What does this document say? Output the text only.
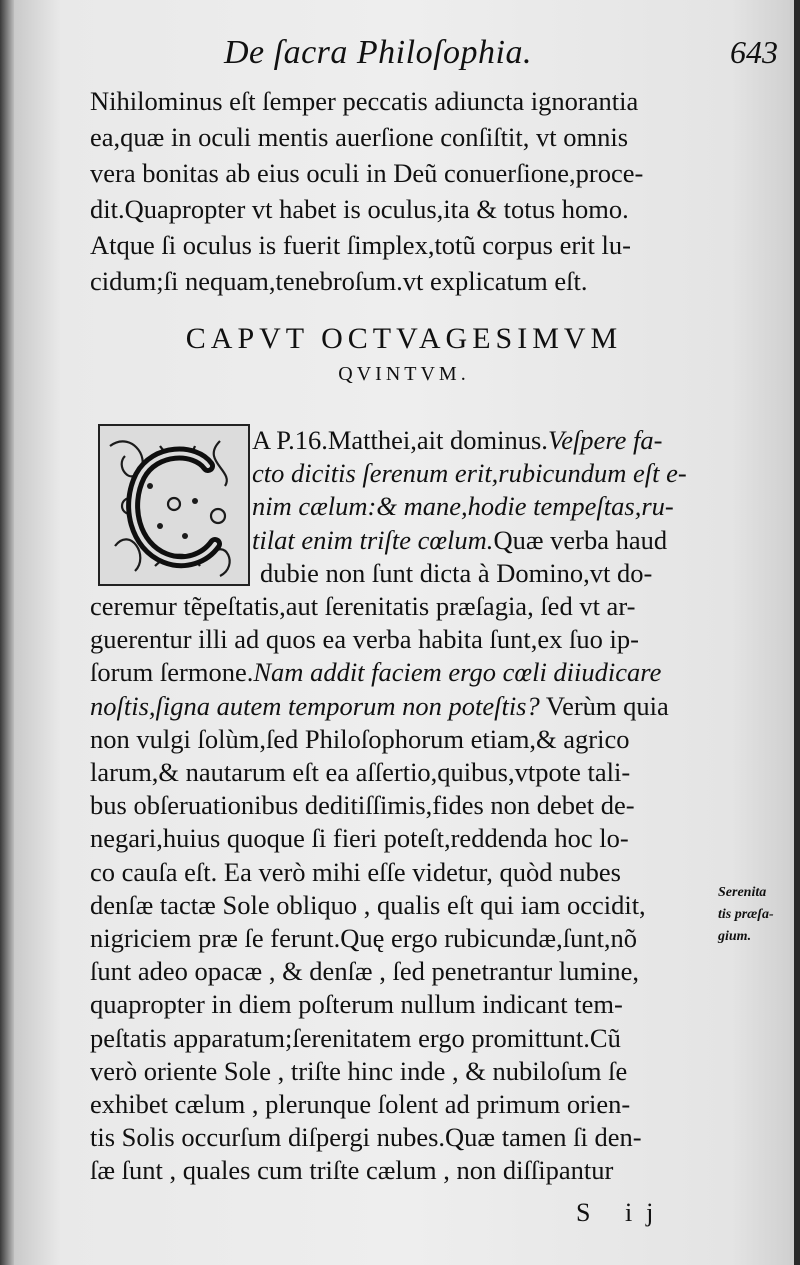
De ſacra Philoſophia.	643
Nihilominus eſt ſemper peccatis adiuncta ignorantia
ea,quæ in oculi mentis auerſione conſiſtit, vt omnis
vera bonitas ab eius oculi in Deũ conuerſione,proce-
dit.Quapropter vt habet is oculus,ita & totus homo.
Atque ſi oculus is fuerit ſimplex,totũ corpus erit lu-
cidum;ſi nequam,tenebroſum.vt explicatum eſt.
CAPVT OCTVAGESIMVM
QVINTVM.
A P.16.Matthei,ait dominus.Veſpere fa-
cto dicitis ſerenum erit,rubicundum eſt e-
nim cælum:& mane,hodie tempeſtas,ru-
tilat enim triſte cœlum.Quæ verba haud
dubie non ſunt dicta à Domino,vt do-
ceremur tẽpeſtatis,aut ſerenitatis præſagia, ſed vt ar-
guerentur illi ad quos ea verba habita ſunt,ex ſuo ip-
ſorum ſermone.Nam addit faciem ergo cœli diiudicare
noſtis,ſigna autem temporum non poteſtis? Verùm quia
non vulgi ſolùm,ſed Philoſophorum etiam,& agrico
larum,& nautarum eſt ea aſſertio,quibus,vtpote tali-
bus obſeruationibus deditiſſimis,fides non debet de-
negari,huius quoque ſi fieri poteſt,reddenda hoc lo-
co cauſa eſt. Ea verò mihi eſſe videtur, quòd nubes
denſæ tactæ Sole obliquo , qualis eſt qui iam occidit,
nigriciem præ ſe ferunt.Quę ergo rubicundæ,ſunt,nõ
ſunt adeo opacæ , & denſæ , ſed penetrantur lumine,
quapropter in diem poſterum nullum indicant tem-
peſtatis apparatum;ſerenitatem ergo promittunt.Cũ
verò oriente Sole , triſte hinc inde , & nubiloſum ſe
exhibet cælum , plerunque ſolent ad primum orien-
tis Solis occurſum diſpergi nubes.Quæ tamen ſi den-
ſæ ſunt , quales cum triſte cælum , non diſſipantur
Serenita
tis præſa-
gium.
S ij
